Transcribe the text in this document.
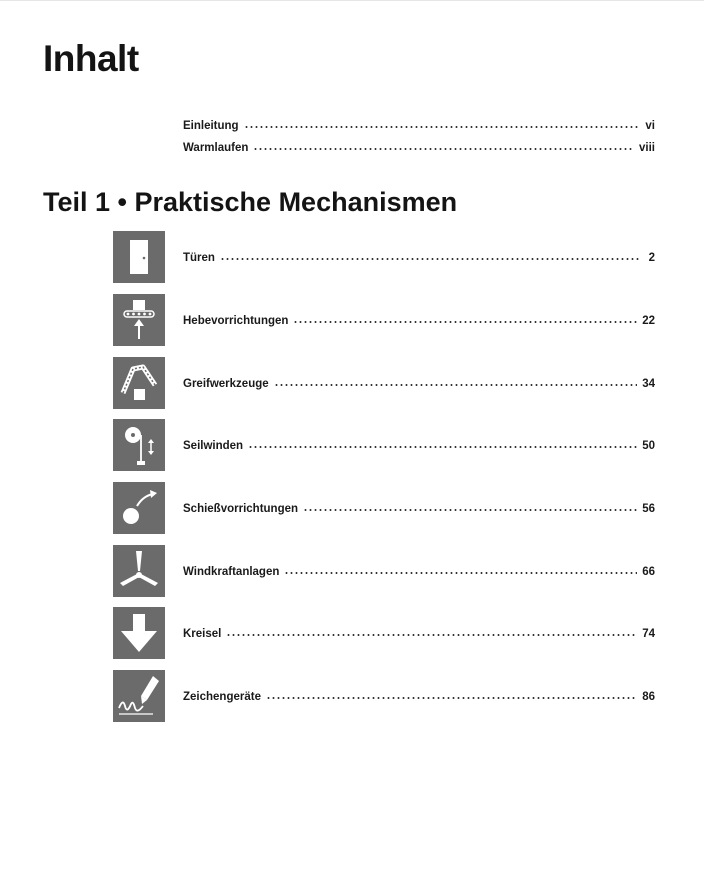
Inhalt
Einleitung	vi
Warmlaufen	viii
Teil 1 • Praktische Mechanismen
Türen	2
Hebevorrichtungen	22
Greifwerkzeuge	34
Seilwinden	50
Schießvorrichtungen	56
Windkraftanlagen	66
Kreisel	74
Zeichengeräte	86
